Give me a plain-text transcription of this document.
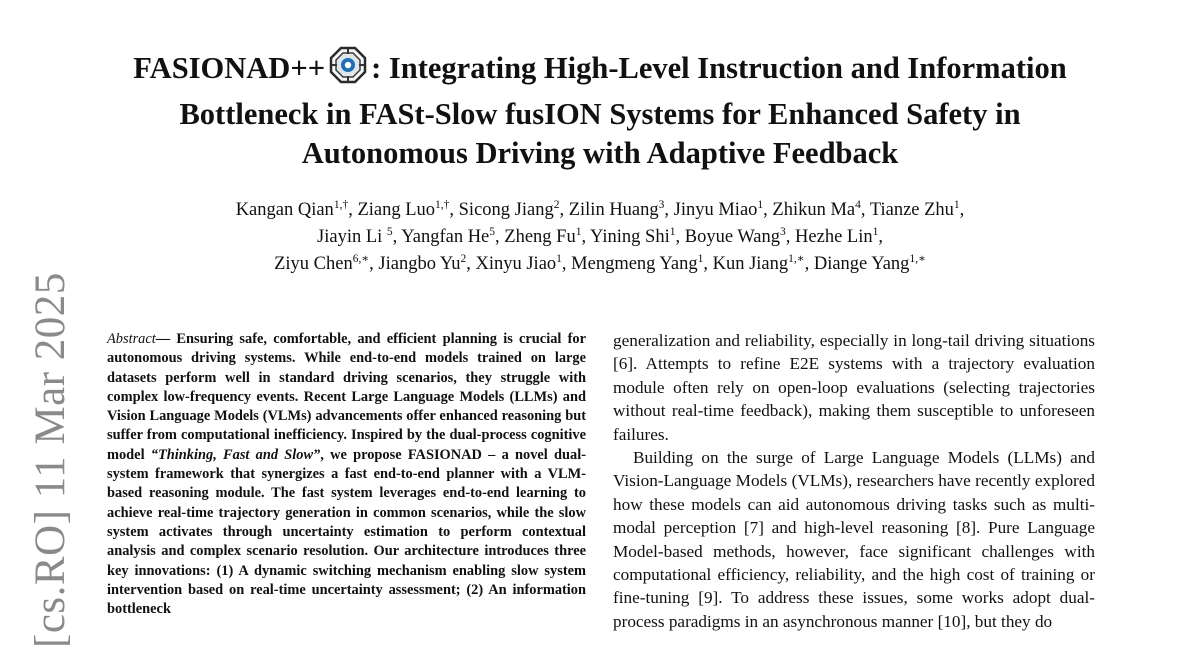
[cs.RO] 11 Mar 2025
FASIONAD++ : Integrating High-Level Instruction and Information
Bottleneck in FASt-Slow fusION Systems for Enhanced Safety in
Autonomous Driving with Adaptive Feedback
Kangan Qian$^{1,\dagger}$, Ziang Luo$^{1,\dagger}$, Sicong Jiang$^2$, Zilin Huang$^3$, Jinyu Miao$^1$, Zhikun Ma$^4$, Tianze Zhu$^1$,
Jiayin Li $^5$, Yangfan He$^5$, Zheng Fu$^1$, Yining Shi$^1$, Boyue Wang$^3$, Hezhe Lin$^1$,
Ziyu Chen$^{6,∗}$, Jiangbo Yu$^2$, Xinyu Jiao$^1$, Mengmeng Yang$^1$, Kun Jiang$^{1,∗}$, Diange Yang$^{1,∗}$
Abstract— Ensuring safe, comfortable, and efficient planning is crucial for autonomous driving systems. While end-to-end models trained on large datasets perform well in standard driving scenarios, they struggle with complex low-frequency events. Recent Large Language Models (LLMs) and Vision Language Models (VLMs) advancements offer enhanced reasoning but suffer from computational inefficiency. Inspired by the dual-process cognitive model “Thinking, Fast and Slow”, we propose FASIONAD – a novel dual-system framework that synergizes a fast end-to-end planner with a VLM-based reasoning module. The fast system leverages end-to-end learning to achieve real-time trajectory generation in common scenarios, while the slow system activates through uncertainty estimation to perform contextual analysis and complex scenario resolution. Our architecture introduces three key innovations: (1) A dynamic switching mechanism enabling slow system intervention based on real-time uncertainty assessment; (2) An information bottleneck

generalization and reliability, especially in long-tail driving situations [6]. Attempts to refine E2E systems with a trajectory evaluation module often rely on open-loop evaluations (selecting trajectories without real-time feedback), making them susceptible to unforeseen failures.

Building on the surge of Large Language Models (LLMs) and Vision-Language Models (VLMs), researchers have recently explored how these models can aid autonomous driving tasks such as multi-modal perception [7] and high-level reasoning [8]. Pure Language Model-based methods, however, face significant challenges with computational efficiency, reliability, and the high cost of training or fine-tuning [9]. To address these issues, some works adopt dual-process paradigms in an asynchronous manner [10], but they do
